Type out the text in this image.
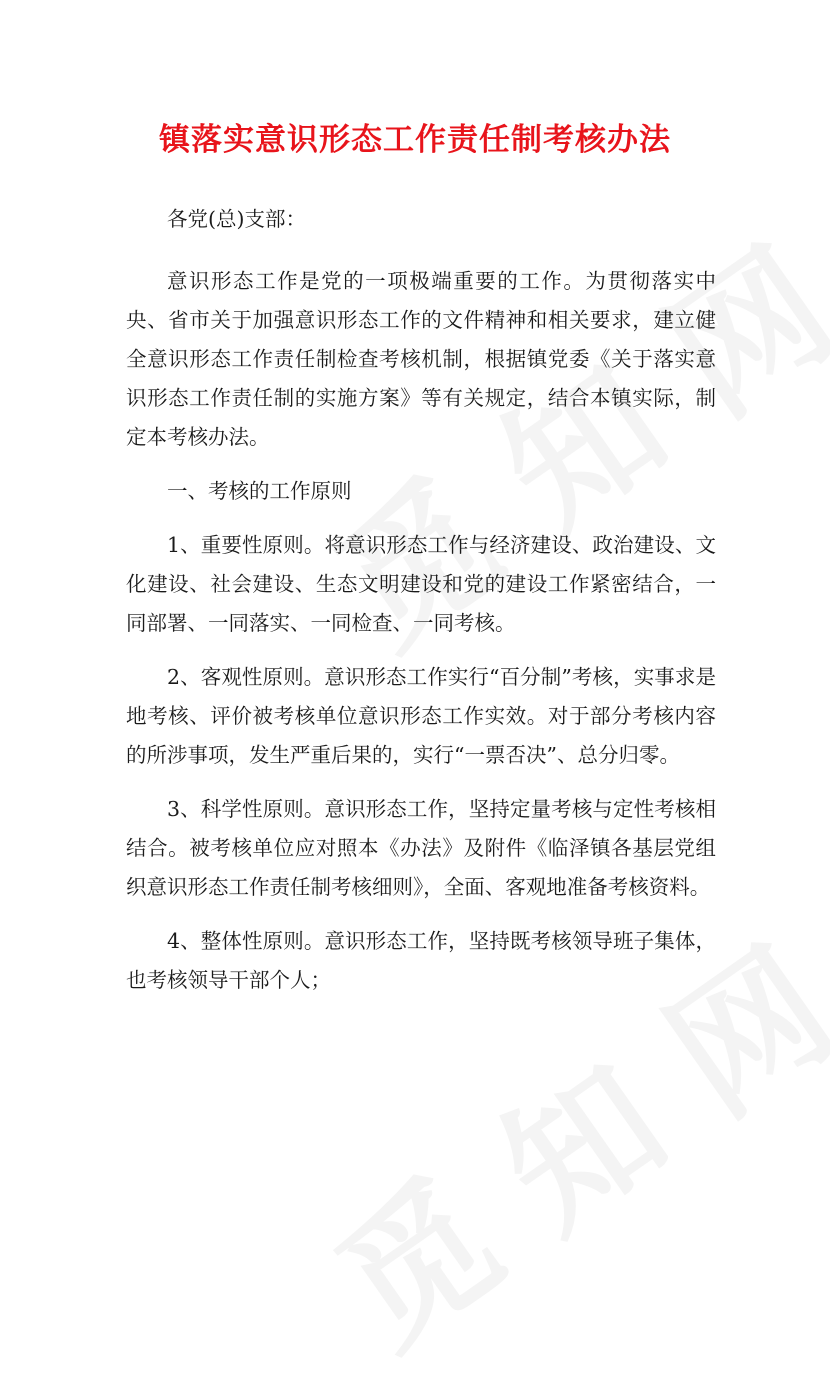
镇落实意识形态工作责任制考核办法

各党(总)支部：

意识形态工作是党的一项极端重要的工作。为贯彻落实中央、省市关于加强意识形态工作的文件精神和相关要求，建立健全意识形态工作责任制检查考核机制，根据镇党委《关于落实意识形态工作责任制的实施方案》等有关规定，结合本镇实际，制定本考核办法。

一、考核的工作原则

1、重要性原则。将意识形态工作与经济建设、政治建设、文化建设、社会建设、生态文明建设和党的建设工作紧密结合，一同部署、一同落实、一同检查、一同考核。

2、客观性原则。意识形态工作实行“百分制”考核，实事求是地考核、评价被考核单位意识形态工作实效。对于部分考核内容的所涉事项，发生严重后果的，实行“一票否决”、总分归零。

3、科学性原则。意识形态工作，坚持定量考核与定性考核相结合。被考核单位应对照本《办法》及附件《临泽镇各基层党组织意识形态工作责任制考核细则》，全面、客观地准备考核资料。

4、整体性原则。意识形态工作，坚持既考核领导班子集体，也考核领导干部个人；
